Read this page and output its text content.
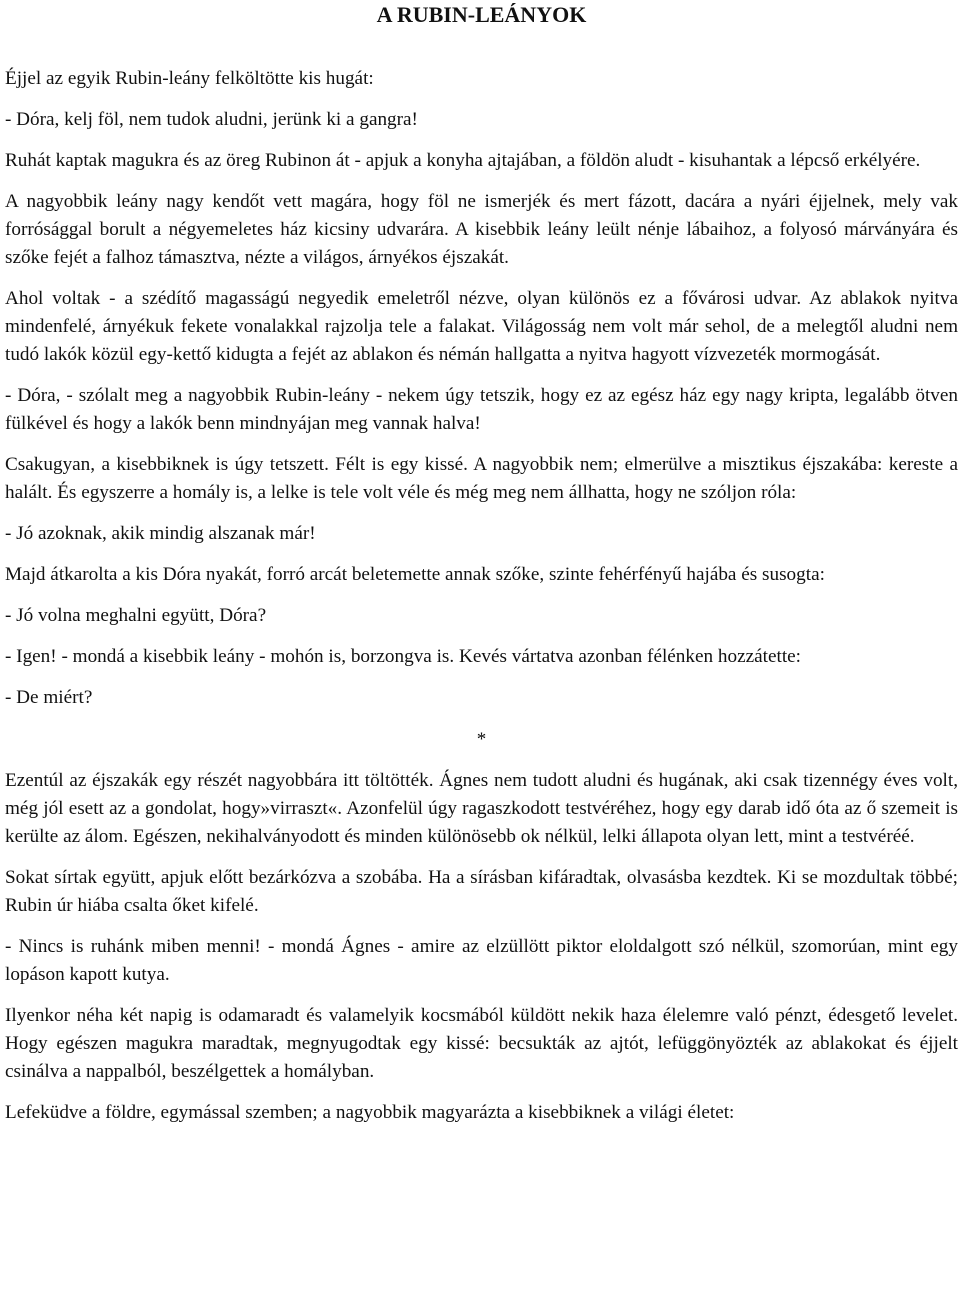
A RUBIN-LEÁNYOK
Éjjel az egyik Rubin-leány felköltötte kis hugát:
- Dóra, kelj föl, nem tudok aludni, jerünk ki a gangra!
Ruhát kaptak magukra és az öreg Rubinon át - apjuk a konyha ajtajában, a földön aludt - kisuhantak a lépcső erkélyére.
A nagyobbik leány nagy kendőt vett magára, hogy föl ne ismerjék és mert fázott, dacára a nyári éjjelnek, mely vak forrósággal borult a négyemeletes ház kicsiny udvarára. A kisebbik leány leült nénje lábaihoz, a folyosó márványára és szőke fejét a falhoz támasztva, nézte a világos, árnyékos éjszakát.
Ahol voltak - a szédítő magasságú negyedik emeletről nézve, olyan különös ez a fővárosi udvar. Az ablakok nyitva mindenfelé, árnyékuk fekete vonalakkal rajzolja tele a falakat. Világosság nem volt már sehol, de a melegtől aludni nem tudó lakók közül egy-kettő kidugta a fejét az ablakon és némán hallgatta a nyitva hagyott vízvezeték mormogását.
- Dóra, - szólalt meg a nagyobbik Rubin-leány - nekem úgy tetszik, hogy ez az egész ház egy nagy kripta, legalább ötven fülkével és hogy a lakók benn mindnyájan meg vannak halva!
Csakugyan, a kisebbiknek is úgy tetszett. Félt is egy kissé. A nagyobbik nem; elmerülve a misztikus éjszakába: kereste a halált. És egyszerre a homály is, a lelke is tele volt véle és még meg nem állhatta, hogy ne szóljon róla:
- Jó azoknak, akik mindig alszanak már!
Majd átkarolta a kis Dóra nyakát, forró arcát beletemette annak szőke, szinte fehérfényű hajába és susogta:
- Jó volna meghalni együtt, Dóra?
- Igen! - mondá a kisebbik leány - mohón is, borzongva is. Kevés vártatva azonban félénken hozzátette:
- De miért?
*
Ezentúl az éjszakák egy részét nagyobbára itt töltötték. Ágnes nem tudott aludni és hugának, aki csak tizennégy éves volt, még jól esett az a gondolat, hogy»virraszt«. Azonfelül úgy ragaszkodott testvéréhez, hogy egy darab idő óta az ő szemeit is kerülte az álom. Egészen, nekihalványodott és minden különösebb ok nélkül, lelki állapota olyan lett, mint a testvéréé.
Sokat sírtak együtt, apjuk előtt bezárkózva a szobába. Ha a sírásban kifáradtak, olvasásba kezdtek. Ki se mozdultak többé; Rubin úr hiába csalta őket kifelé.
- Nincs is ruhánk miben menni! - mondá Ágnes - amire az elzüllött piktor eloldalgott szó nélkül, szomorúan, mint egy lopáson kapott kutya.
Ilyenkor néha két napig is odamaradt és valamelyik kocsmából küldött nekik haza élelemre való pénzt, édesgető levelet. Hogy egészen magukra maradtak, megnyugodtak egy kissé: becsukták az ajtót, lefüggönyözték az ablakokat és éjjelt csinálva a nappalból, beszélgettek a homályban.
Lefeküdve a földre, egymással szemben; a nagyobbik magyarázta a kisebbiknek a világi életet:
